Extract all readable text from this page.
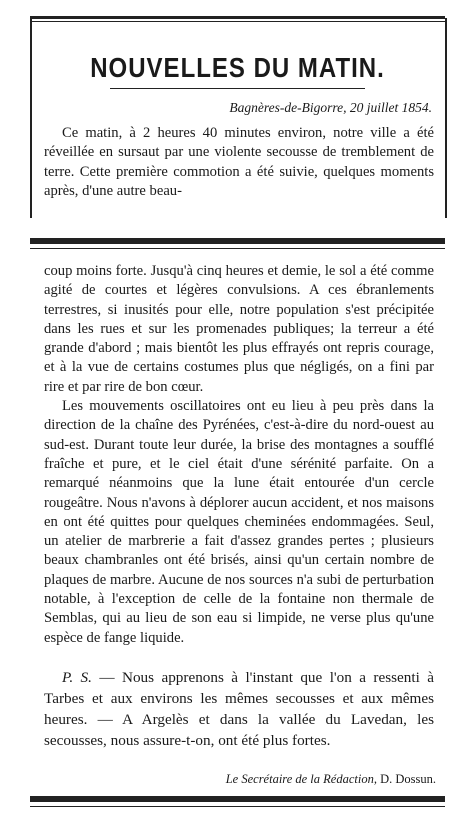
NOUVELLES DU MATIN.
Bagnères-de-Bigorre, 20 juillet 1854.

Ce matin, à 2 heures 40 minutes environ, notre ville a été réveillée en sursaut par une violente secousse de tremblement de terre. Cette première commotion a été suivie, quelques moments après, d'une autre beau-

coup moins forte. Jusqu'à cinq heures et demie, le sol a été comme agité de courtes et légères convulsions. A ces ébranlements terrestres, si inusités pour elle, notre population s'est précipitée dans les rues et sur les promenades publiques; la terreur a été grande d'abord ; mais bientôt les plus effrayés ont repris courage, et à la vue de certains costumes plus que négligés, on a fini par rire et par rire de bon cœur.

Les mouvements oscillatoires ont eu lieu à peu près dans la direction de la chaîne des Pyrénées, c'est-à-dire du nord-ouest au sud-est. Durant toute leur durée, la brise des montagnes a soufflé fraîche et pure, et le ciel était d'une sérénité parfaite. On a remarqué néanmoins que la lune était entourée d'un cercle rougeâtre. Nous n'avons à déplorer aucun accident, et nos maisons en ont été quittes pour quelques cheminées endommagées. Seul, un atelier de marbrerie a fait d'assez grandes pertes ; plusieurs beaux chambranles ont été brisés, ainsi qu'un certain nombre de plaques de marbre. Aucune de nos sources n'a subi de perturbation notable, à l'exception de celle de la fontaine non thermale de Semblas, qui au lieu de son eau si limpide, ne verse plus qu'une espèce de fange liquide.

P. S. — Nous apprenons à l'instant que l'on a ressenti à Tarbes et aux environs les mêmes secousses et aux mêmes heures. — A Argelès et dans la vallée du Lavedan, les secousses, nous assure-t-on, ont été plus fortes.

Le Secrétaire de la Rédaction, D. Dossun.
